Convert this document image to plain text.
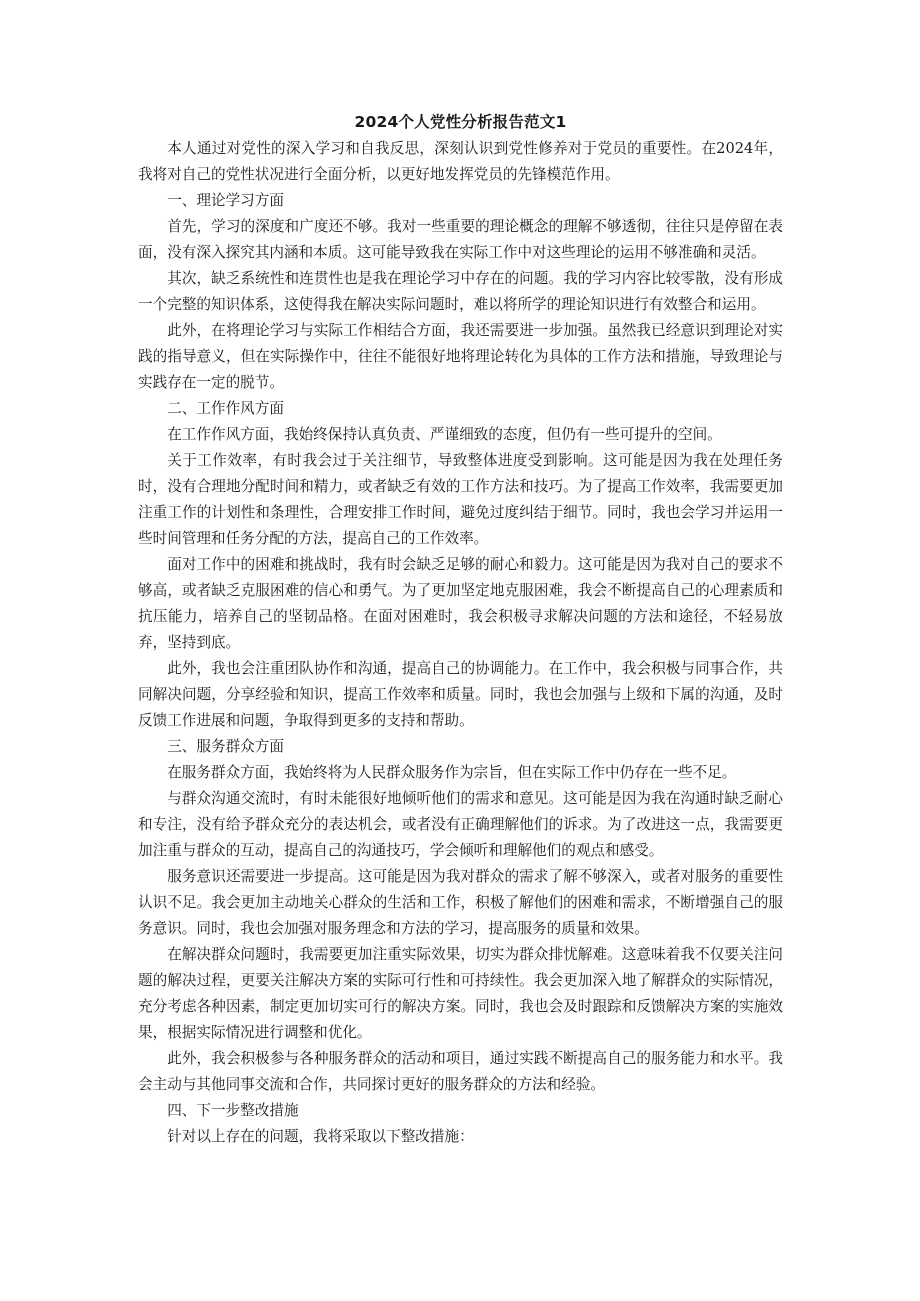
2024个人党性分析报告范文1

本人通过对党性的深入学习和自我反思，深刻认识到党性修养对于党员的重要性。在2024年，我将对自己的党性状况进行全面分析，以更好地发挥党员的先锋模范作用。

一、理论学习方面

首先，学习的深度和广度还不够。我对一些重要的理论概念的理解不够透彻，往往只是停留在表面，没有深入探究其内涵和本质。这可能导致我在实际工作中对这些理论的运用不够准确和灵活。

其次，缺乏系统性和连贯性也是我在理论学习中存在的问题。我的学习内容比较零散，没有形成一个完整的知识体系，这使得我在解决实际问题时，难以将所学的理论知识进行有效整合和运用。

此外，在将理论学习与实际工作相结合方面，我还需要进一步加强。虽然我已经意识到理论对实践的指导意义，但在实际操作中，往往不能很好地将理论转化为具体的工作方法和措施，导致理论与实践存在一定的脱节。

二、工作作风方面

在工作作风方面，我始终保持认真负责、严谨细致的态度，但仍有一些可提升的空间。

关于工作效率，有时我会过于关注细节，导致整体进度受到影响。这可能是因为我在处理任务时，没有合理地分配时间和精力，或者缺乏有效的工作方法和技巧。为了提高工作效率，我需要更加注重工作的计划性和条理性，合理安排工作时间，避免过度纠结于细节。同时，我也会学习并运用一些时间管理和任务分配的方法，提高自己的工作效率。

面对工作中的困难和挑战时，我有时会缺乏足够的耐心和毅力。这可能是因为我对自己的要求不够高，或者缺乏克服困难的信心和勇气。为了更加坚定地克服困难，我会不断提高自己的心理素质和抗压能力，培养自己的坚韧品格。在面对困难时，我会积极寻求解决问题的方法和途径，不轻易放弃，坚持到底。

此外，我也会注重团队协作和沟通，提高自己的协调能力。在工作中，我会积极与同事合作，共同解决问题，分享经验和知识，提高工作效率和质量。同时，我也会加强与上级和下属的沟通，及时反馈工作进展和问题，争取得到更多的支持和帮助。

三、服务群众方面

在服务群众方面，我始终将为人民群众服务作为宗旨，但在实际工作中仍存在一些不足。

与群众沟通交流时，有时未能很好地倾听他们的需求和意见。这可能是因为我在沟通时缺乏耐心和专注，没有给予群众充分的表达机会，或者没有正确理解他们的诉求。为了改进这一点，我需要更加注重与群众的互动，提高自己的沟通技巧，学会倾听和理解他们的观点和感受。

服务意识还需要进一步提高。这可能是因为我对群众的需求了解不够深入，或者对服务的重要性认识不足。我会更加主动地关心群众的生活和工作，积极了解他们的困难和需求，不断增强自己的服务意识。同时，我也会加强对服务理念和方法的学习，提高服务的质量和效果。

在解决群众问题时，我需要更加注重实际效果，切实为群众排忧解难。这意味着我不仅要关注问题的解决过程，更要关注解决方案的实际可行性和可持续性。我会更加深入地了解群众的实际情况，充分考虑各种因素，制定更加切实可行的解决方案。同时，我也会及时跟踪和反馈解决方案的实施效果，根据实际情况进行调整和优化。

此外，我会积极参与各种服务群众的活动和项目，通过实践不断提高自己的服务能力和水平。我会主动与其他同事交流和合作，共同探讨更好的服务群众的方法和经验。

四、下一步整改措施

针对以上存在的问题，我将采取以下整改措施：
